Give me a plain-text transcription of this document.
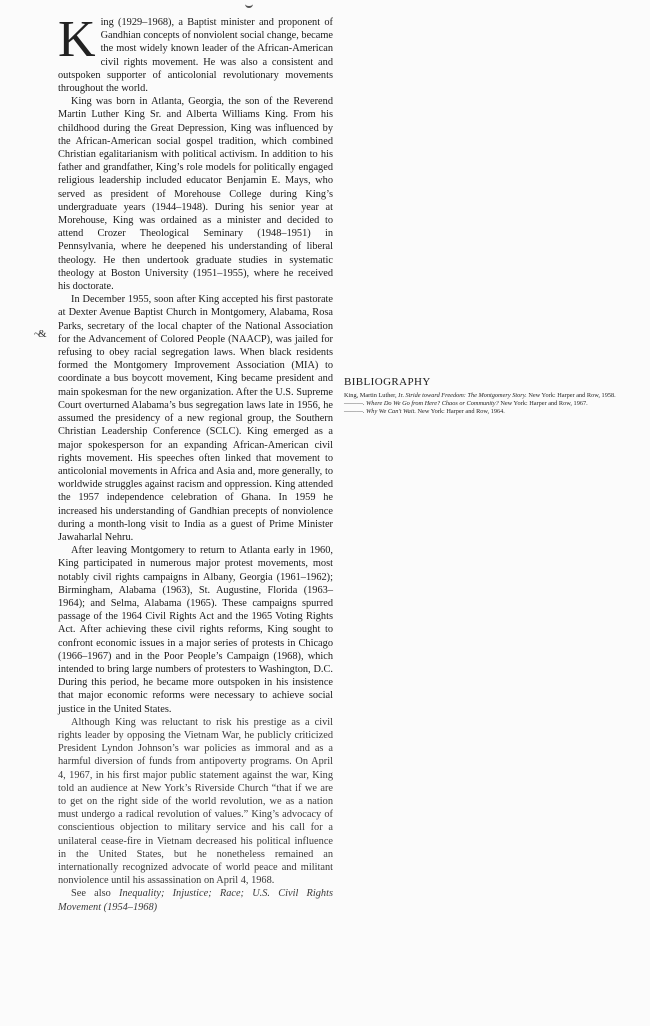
~&

King (1929–1968), a Baptist minister and proponent of Gandhian concepts of nonviolent social change, became the most widely known leader of the African-American civil rights movement. He was also a consistent and outspoken supporter of anticolonial revolutionary movements throughout the world.

King was born in Atlanta, Georgia, the son of the Reverend Martin Luther King Sr. and Alberta Williams King. From his childhood during the Great Depression, King was influenced by the African-American social gospel tradition, which combined Christian egalitarianism with political activism. In addition to his father and grandfather, King’s role models for politically engaged religious leadership included educator Benjamin E. Mays, who served as president of Morehouse College during King’s undergraduate years (1944–1948). During his senior year at Morehouse, King was ordained as a minister and decided to attend Crozer Theological Seminary (1948–1951) in Pennsylvania, where he deepened his understanding of liberal theology. He then undertook graduate studies in systematic theology at Boston University (1951–1955), where he received his doctorate.

In December 1955, soon after King accepted his first pastorate at Dexter Avenue Baptist Church in Montgomery, Alabama, Rosa Parks, secretary of the local chapter of the National Association for the Advancement of Colored People (NAACP), was jailed for refusing to obey racial segregation laws. When black residents formed the Montgomery Improvement Association (MIA) to coordinate a bus boycott movement, King became president and main spokesman for the new organization. After the U.S. Supreme Court overturned Alabama’s bus segregation laws late in 1956, he assumed the presidency of a new regional group, the Southern Christian Leadership Conference (SCLC). King emerged as a major spokesperson for an expanding African-American civil rights movement. His speeches often linked that movement to anticolonial movements in Africa and Asia and, more generally, to worldwide struggles against racism and oppression. King attended the 1957 independence celebration of Ghana. In 1959 he increased his understanding of Gandhian precepts of nonviolence during a month-long visit to India as a guest of Prime Minister Jawaharlal Nehru.

After leaving Montgomery to return to Atlanta early in 1960, King participated in numerous major protest movements, most notably civil rights campaigns in Albany, Georgia (1961–1962); Birmingham, Alabama (1963), St. Augustine, Florida (1963–1964); and Selma, Alabama (1965). These campaigns spurred passage of the 1964 Civil Rights Act and the 1965 Voting Rights Act. After achieving these civil rights reforms, King sought to confront economic issues in a major series of protests in Chicago (1966–1967) and in the Poor People’s Campaign (1968), which intended to bring large numbers of protesters to Washington, D.C. During this period, he became more outspoken in his insistence that major economic reforms were necessary to achieve social justice in the United States.

Although King was reluctant to risk his prestige as a civil rights leader by opposing the Vietnam War, he publicly criticized President Lyndon Johnson’s war policies as immoral and as a harmful diversion of funds from antipoverty programs. On April 4, 1967, in his first major public statement against the war, King told an audience at New York’s Riverside Church “that if we are to get on the right side of the world revolution, we as a nation must undergo a radical revolution of values.” King’s advocacy of conscientious objection to military service and his call for a unilateral cease-fire in Vietnam decreased his political influence in the United States, but he nonetheless remained an internationally recognized advocate of world peace and militant nonviolence until his assassination on April 4, 1968.

See also Inequality; Injustice; Race; U.S. Civil Rights Movement (1954–1968)

BIBLIOGRAPHY

King, Martin Luther, Jr. Stride toward Freedom: The Montgomery Story. New York: Harper and Row, 1958.

———. Where Do We Go from Here? Chaos or Community? New York: Harper and Row, 1967.

———. Why We Can't Wait. New York: Harper and Row, 1964.
